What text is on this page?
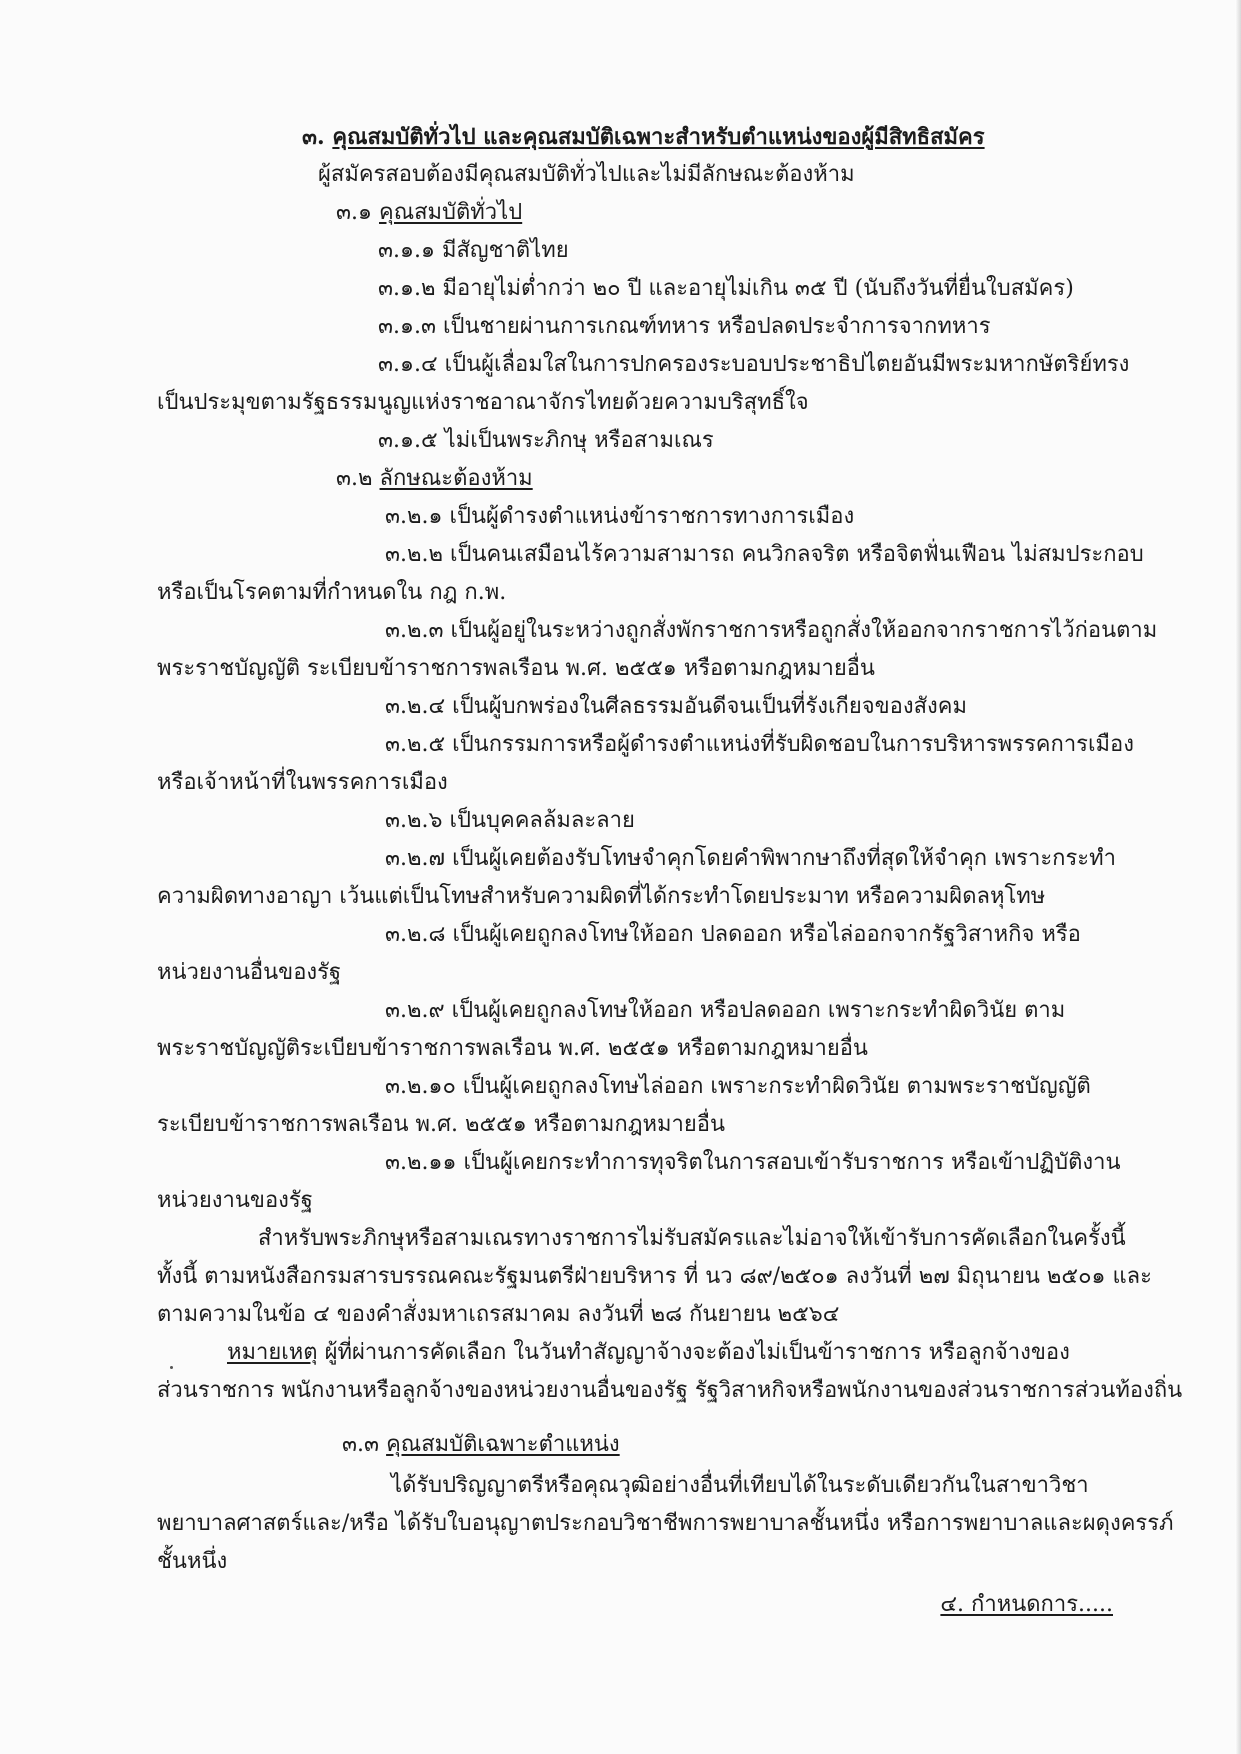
๓. คุณสมบัติทั่วไป และคุณสมบัติเฉพาะสำหรับตำแหน่งของผู้มีสิทธิสมัคร
ผู้สมัครสอบต้องมีคุณสมบัติทั่วไปและไม่มีลักษณะต้องห้าม
๓.๑ คุณสมบัติทั่วไป
๓.๑.๑ มีสัญชาติไทย
๓.๑.๒ มีอายุไม่ต่ำกว่า ๒๐ ปี และอายุไม่เกิน ๓๕ ปี (นับถึงวันที่ยื่นใบสมัคร)
๓.๑.๓ เป็นชายผ่านการเกณฑ์ทหาร หรือปลดประจำการจากทหาร
๓.๑.๔ เป็นผู้เลื่อมใสในการปกครองระบอบประชาธิปไตยอันมีพระมหากษัตริย์ทรง
เป็นประมุขตามรัฐธรรมนูญแห่งราชอาณาจักรไทยด้วยความบริสุทธิ์ใจ
๓.๑.๕ ไม่เป็นพระภิกษุ หรือสามเณร
๓.๒ ลักษณะต้องห้าม
๓.๒.๑ เป็นผู้ดำรงตำแหน่งข้าราชการทางการเมือง
๓.๒.๒ เป็นคนเสมือนไร้ความสามารถ คนวิกลจริต หรือจิตฟั่นเฟือน ไม่สมประกอบ
หรือเป็นโรคตามที่กำหนดใน กฎ ก.พ.
๓.๒.๓ เป็นผู้อยู่ในระหว่างถูกสั่งพักราชการหรือถูกสั่งให้ออกจากราชการไว้ก่อนตาม
พระราชบัญญัติ ระเบียบข้าราชการพลเรือน พ.ศ. ๒๕๕๑ หรือตามกฎหมายอื่น
๓.๒.๔ เป็นผู้บกพร่องในศีลธรรมอันดีจนเป็นที่รังเกียจของสังคม
๓.๒.๕ เป็นกรรมการหรือผู้ดำรงตำแหน่งที่รับผิดชอบในการบริหารพรรคการเมือง
หรือเจ้าหน้าที่ในพรรคการเมือง
๓.๒.๖ เป็นบุคคลล้มละลาย
๓.๒.๗ เป็นผู้เคยต้องรับโทษจำคุกโดยคำพิพากษาถึงที่สุดให้จำคุก เพราะกระทำ
ความผิดทางอาญา เว้นแต่เป็นโทษสำหรับความผิดที่ได้กระทำโดยประมาท หรือความผิดลหุโทษ
๓.๒.๘ เป็นผู้เคยถูกลงโทษให้ออก ปลดออก หรือไล่ออกจากรัฐวิสาหกิจ หรือ
หน่วยงานอื่นของรัฐ
๓.๒.๙ เป็นผู้เคยถูกลงโทษให้ออก หรือปลดออก เพราะกระทำผิดวินัย ตาม
พระราชบัญญัติระเบียบข้าราชการพลเรือน พ.ศ. ๒๕๕๑ หรือตามกฎหมายอื่น
๓.๒.๑๐ เป็นผู้เคยถูกลงโทษไล่ออก เพราะกระทำผิดวินัย ตามพระราชบัญญัติ
ระเบียบข้าราชการพลเรือน พ.ศ. ๒๕๕๑ หรือตามกฎหมายอื่น
๓.๒.๑๑ เป็นผู้เคยกระทำการทุจริตในการสอบเข้ารับราชการ หรือเข้าปฏิบัติงาน
หน่วยงานของรัฐ
สำหรับพระภิกษุหรือสามเณรทางราชการไม่รับสมัครและไม่อาจให้เข้ารับการคัดเลือกในครั้งนี้
ทั้งนี้ ตามหนังสือกรมสารบรรณคณะรัฐมนตรีฝ่ายบริหาร ที่ นว ๘๙/๒๕๐๑ ลงวันที่ ๒๗ มิถุนายน ๒๕๐๑ และ
ตามความในข้อ ๔ ของคำสั่งมหาเถรสมาคม ลงวันที่ ๒๘ กันยายน ๒๕๖๔
หมายเหตุ ผู้ที่ผ่านการคัดเลือก ในวันทำสัญญาจ้างจะต้องไม่เป็นข้าราชการ หรือลูกจ้างของ
ส่วนราชการ พนักงานหรือลูกจ้างของหน่วยงานอื่นของรัฐ รัฐวิสาหกิจหรือพนักงานของส่วนราชการส่วนท้องถิ่น
๓.๓ คุณสมบัติเฉพาะตำแหน่ง
ได้รับปริญญาตรีหรือคุณวุฒิอย่างอื่นที่เทียบได้ในระดับเดียวกันในสาขาวิชา
พยาบาลศาสตร์และ/หรือ ได้รับใบอนุญาตประกอบวิชาชีพการพยาบาลชั้นหนึ่ง หรือการพยาบาลและผดุงครรภ์
ชั้นหนึ่ง
๔. กำหนดการ.....
